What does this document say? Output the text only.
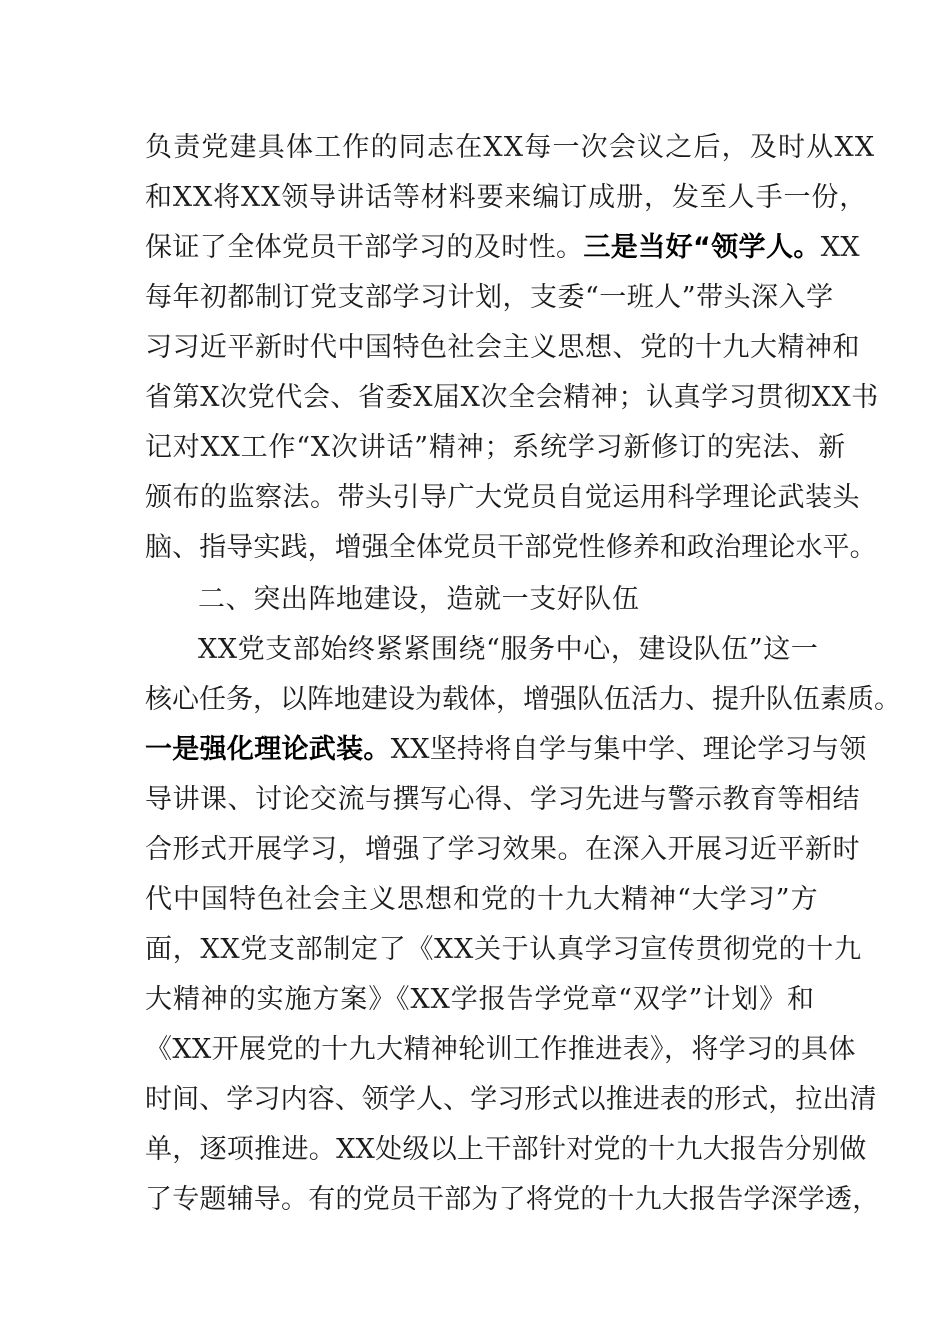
负责党建具体工作的同志在XX每一次会议之后，及时从XX
和XX将XX领导讲话等材料要来编订成册，发至人手一份，
保证了全体党员干部学习的及时性。三是当好“领学人。XX
每年初都制订党支部学习计划，支委“一班人”带头深入学
习习近平新时代中国特色社会主义思想、党的十九大精神和
省第X次党代会、省委X届X次全会精神；认真学习贯彻XX书
记对XX工作“X次讲话”精神；系统学习新修订的宪法、新
颁布的监察法。带头引导广大党员自觉运用科学理论武装头
脑、指导实践，增强全体党员干部党性修养和政治理论水平。
二、突出阵地建设，造就一支好队伍
XX党支部始终紧紧围绕“服务中心，建设队伍”这一
核心任务，以阵地建设为载体，增强队伍活力、提升队伍素质。
一是强化理论武装。XX坚持将自学与集中学、理论学习与领
导讲课、讨论交流与撰写心得、学习先进与警示教育等相结
合形式开展学习，增强了学习效果。在深入开展习近平新时
代中国特色社会主义思想和党的十九大精神“大学习”方
面，XX党支部制定了《XX关于认真学习宣传贯彻党的十九
大精神的实施方案》《XX学报告学党章“双学”计划》和
《XX开展党的十九大精神轮训工作推进表》，将学习的具体
时间、学习内容、领学人、学习形式以推进表的形式，拉出清
单，逐项推进。XX处级以上干部针对党的十九大报告分别做
了专题辅导。有的党员干部为了将党的十九大报告学深学透，
